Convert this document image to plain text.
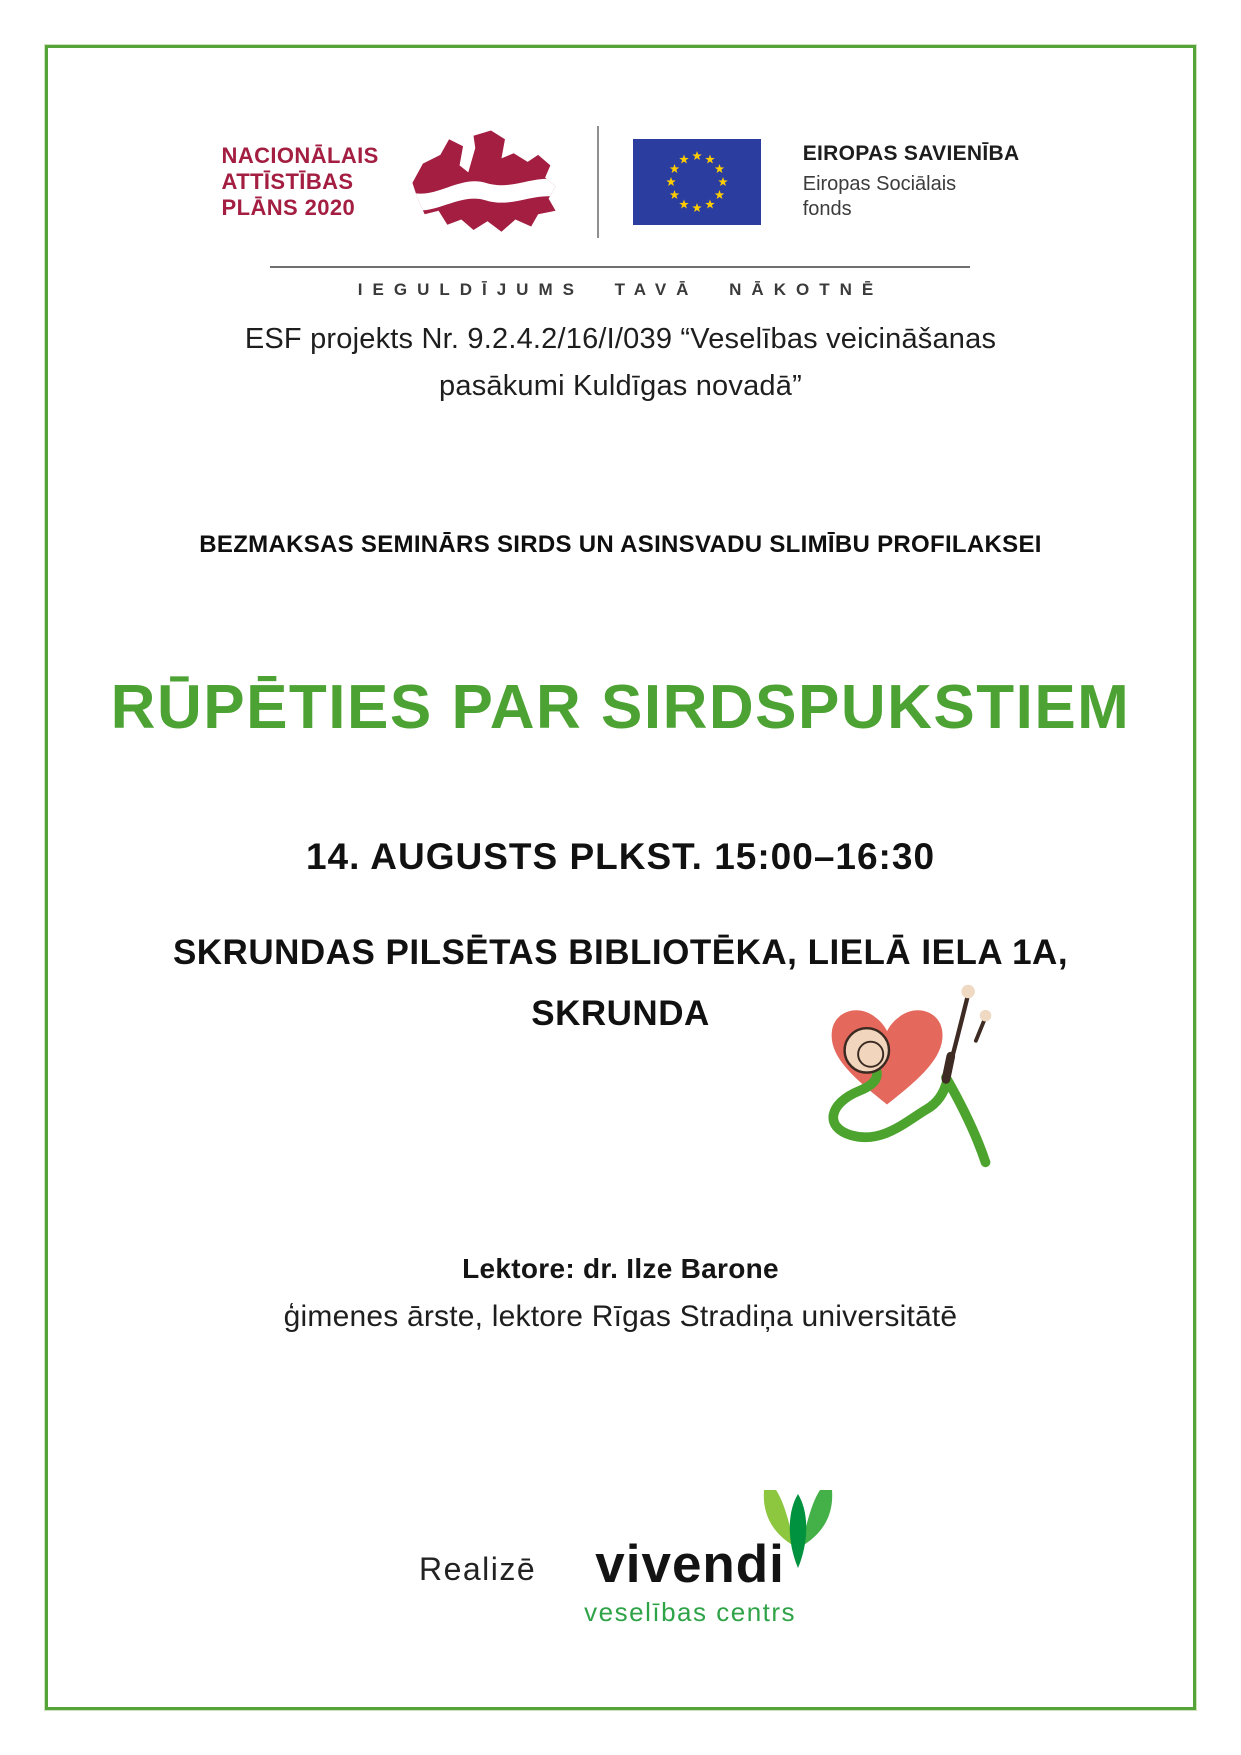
NACIONĀLAIS
ATTĪSTĪBAS
PLĀNS 2020
EIROPAS SAVIENĪBA
Eiropas Sociālais
fonds
IEGULDĪJUMS TAVĀ NĀKOTNĒ
ESF projekts Nr. 9.2.4.2/16/I/039 “Veselības veicināšanas
pasākumi Kuldīgas novadā”
BEZMAKSAS SEMINĀRS SIRDS UN ASINSVADU SLIMĪBU PROFILAKSEI
RŪPĒTIES PAR SIRDSPUKSTIEM
14. AUGUSTS PLKST. 15:00–16:30
SKRUNDAS PILSĒTAS BIBLIOTĒKA, LIELĀ IELA 1A,
SKRUNDA
Lektore: dr. Ilze Barone
ģimenes ārste, lektore Rīgas Stradiņa universitātē
Realizē vivendi
veselības centrs
